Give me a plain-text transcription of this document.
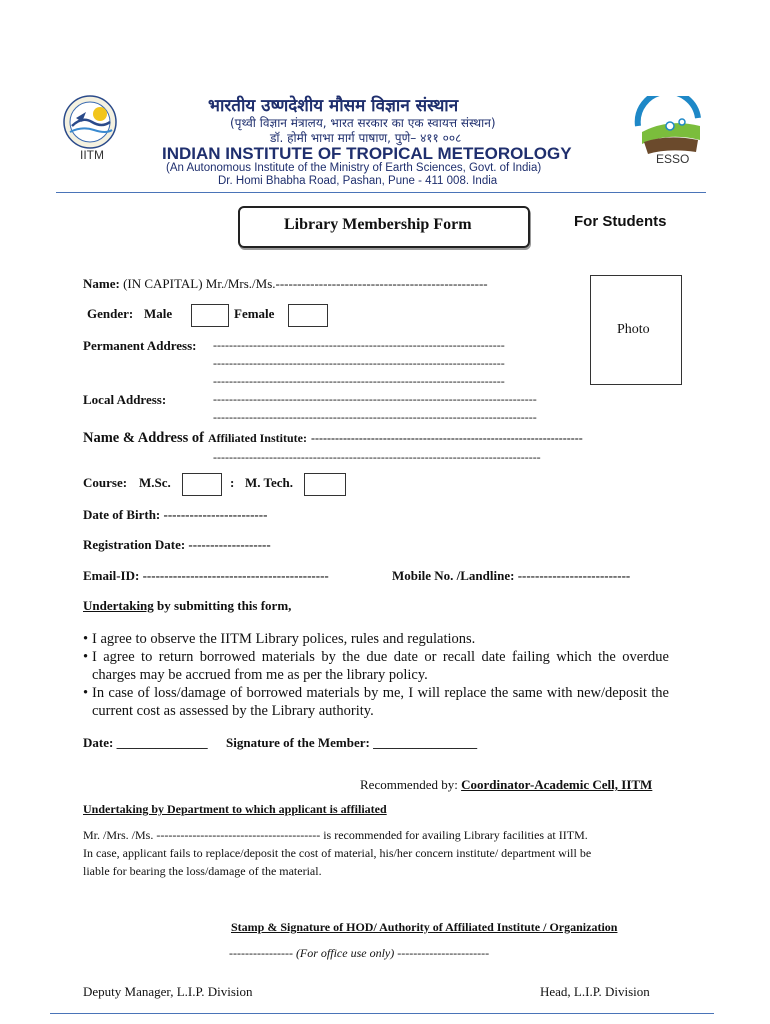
IITM	ESSO
भारतीय उष्णदेशीय मौसम विज्ञान संस्थान
(पृथ्वी विज्ञान मंत्रालय, भारत सरकार का एक स्वायत्त संस्थान)
डॉ. होमी भाभा मार्ग पाषाण, पुणे– ४११ ००८
INDIAN INSTITUTE OF TROPICAL METEOROLOGY
(An Autonomous Institute of the Ministry of Earth Sciences, Govt. of India)
Dr. Homi Bhabha Road, Pashan, Pune - 411 008. India
Library Membership Form	For Students
Photo
Name: (IN CAPITAL) Mr./Mrs./Ms.-------------------------------------------------
Gender: Male	Female
Permanent Address: -------------------------------------------------------------------------
-------------------------------------------------------------------------
-------------------------------------------------------------------------
Local Address:	---------------------------------------------------------------------------------
---------------------------------------------------------------------------------
Name & Address of Affiliated Institute: --------------------------------------------------------------------
----------------------------------------------------------------------------------
Course: M.Sc.	: M. Tech.
Date of Birth: ------------------------
Registration Date: -------------------
Email-ID: -------------------------------------------	Mobile No. /Landline: --------------------------
Undertaking by submitting this form,
• I agree to observe the IITM Library polices, rules and regulations.
• I agree to return borrowed materials by the due date or recall date failing which the overdue charges may be accrued from me as per the library policy.
• In case of loss/damage of borrowed materials by me, I will replace the same with new/deposit the current cost as assessed by the Library authority.
Date: ______________ Signature of the Member: ________________
Recommended by: Coordinator-Academic Cell, IITM
Undertaking by Department to which applicant is affiliated
Mr. /Mrs. /Ms. ----------------------------------------- is recommended for availing Library facilities at IITM.
In case, applicant fails to replace/deposit the cost of material, his/her concern institute/ department will be
liable for bearing the loss/damage of the material.
Stamp & Signature of HOD/ Authority of Affiliated Institute / Organization
---------------- (For office use only) -----------------------
Deputy Manager, L.I.P. Division	Head, L.I.P. Division
